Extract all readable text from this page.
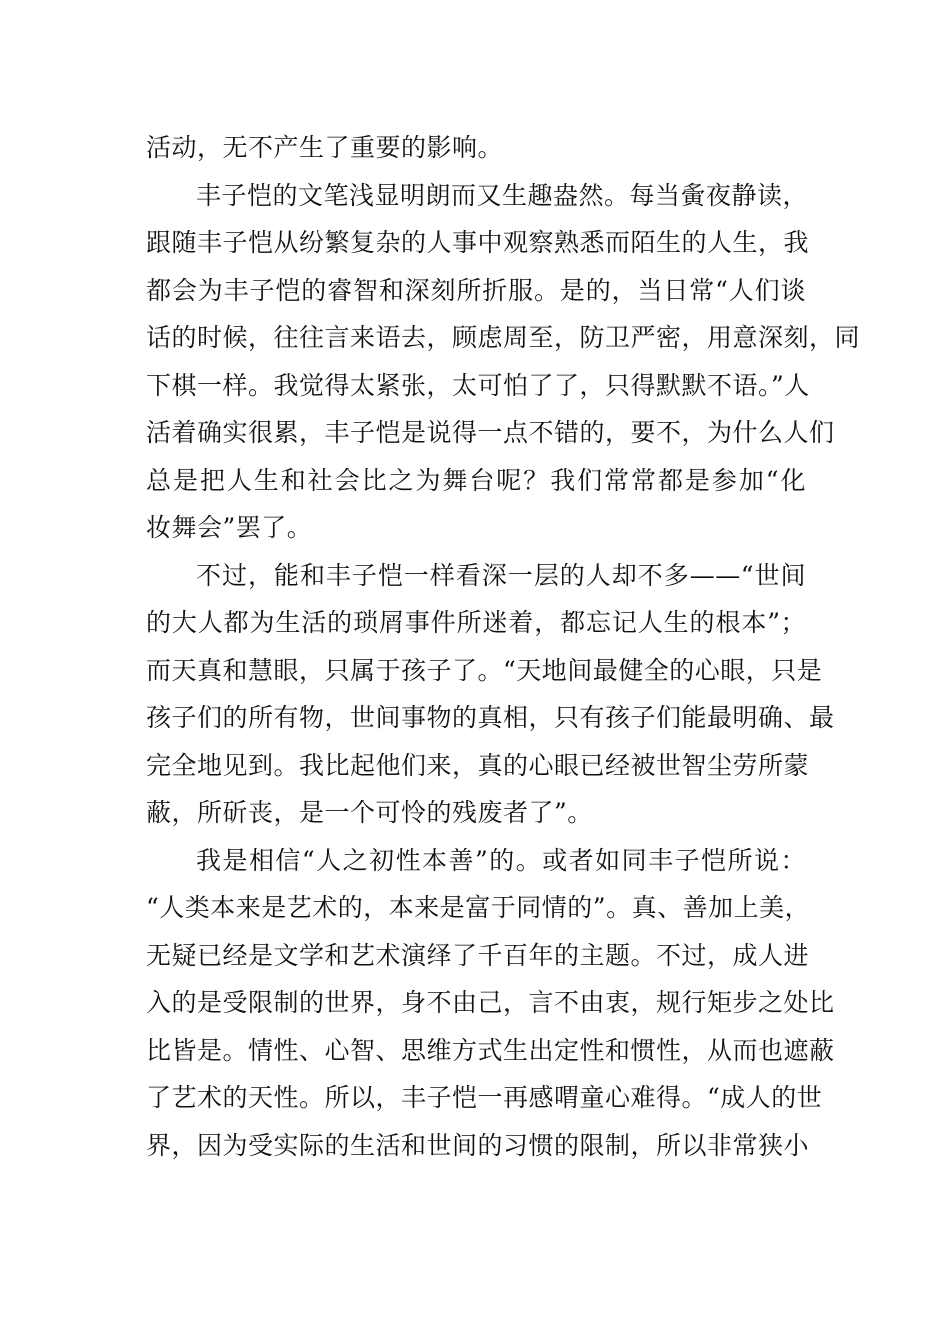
活动，无不产生了重要的影响。
丰子恺的文笔浅显明朗而又生趣盎然。每当夤夜静读，
跟随丰子恺从纷繁复杂的人事中观察熟悉而陌生的人生，我
都会为丰子恺的睿智和深刻所折服。是的，当日常“人们谈
话的时候，往往言来语去，顾虑周至，防卫严密，用意深刻，同
下棋一样。我觉得太紧张，太可怕了了，只得默默不语。”人
活着确实很累，丰子恺是说得一点不错的，要不，为什么人们
总是把人生和社会比之为舞台呢？我们常常都是参加“化
妆舞会”罢了。
不过，能和丰子恺一样看深一层的人却不多——“世间
的大人都为生活的琐屑事件所迷着，都忘记人生的根本”；
而天真和慧眼，只属于孩子了。“天地间最健全的心眼，只是
孩子们的所有物，世间事物的真相，只有孩子们能最明确、最
完全地见到。我比起他们来，真的心眼已经被世智尘劳所蒙
蔽，所斫丧，是一个可怜的残废者了”。
我是相信“人之初性本善”的。或者如同丰子恺所说：
“人类本来是艺术的，本来是富于同情的”。真、善加上美，
无疑已经是文学和艺术演绎了千百年的主题。不过，成人进
入的是受限制的世界，身不由己，言不由衷，规行矩步之处比
比皆是。情性、心智、思维方式生出定性和惯性，从而也遮蔽
了艺术的天性。所以，丰子恺一再感喟童心难得。“成人的世
界，因为受实际的生活和世间的习惯的限制，所以非常狭小
